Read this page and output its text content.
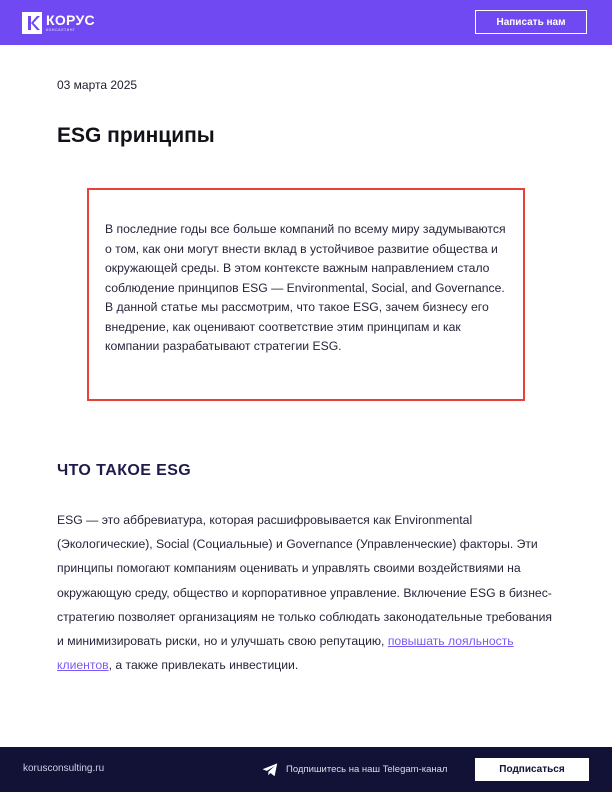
КОРУС
КОНСАЛТИНГ
Написать нам
03 марта 2025
ESG принципы

В последние годы все больше компаний по всему миру задумываются о том, как они могут внести вклад в устойчивое развитие общества и окружающей среды. В этом контексте важным направлением стало соблюдение принципов ESG — Environmental, Social, and Governance. В данной статье мы рассмотрим, что такое ESG, зачем бизнесу его внедрение, как оценивают соответствие этим принципам и как компании разрабатывают стратегии ESG.

ЧТО ТАКОЕ ESG

ESG — это аббревиатура, которая расшифровывается как Environmental (Экологические), Social (Социальные) и Governance (Управленческие) факторы. Эти принципы помогают компаниям оценивать и управлять своими воздействиями на окружающую среду, общество и корпоративное управление. Включение ESG в бизнес-стратегию позволяет организациям не только соблюдать законодательные требования и минимизировать риски, но и улучшать свою репутацию, повышать лояльность клиентов, а также привлекать инвестиции.

korusconsulting.ru	Подпишитесь на наш Telegam-канал	Подписаться
